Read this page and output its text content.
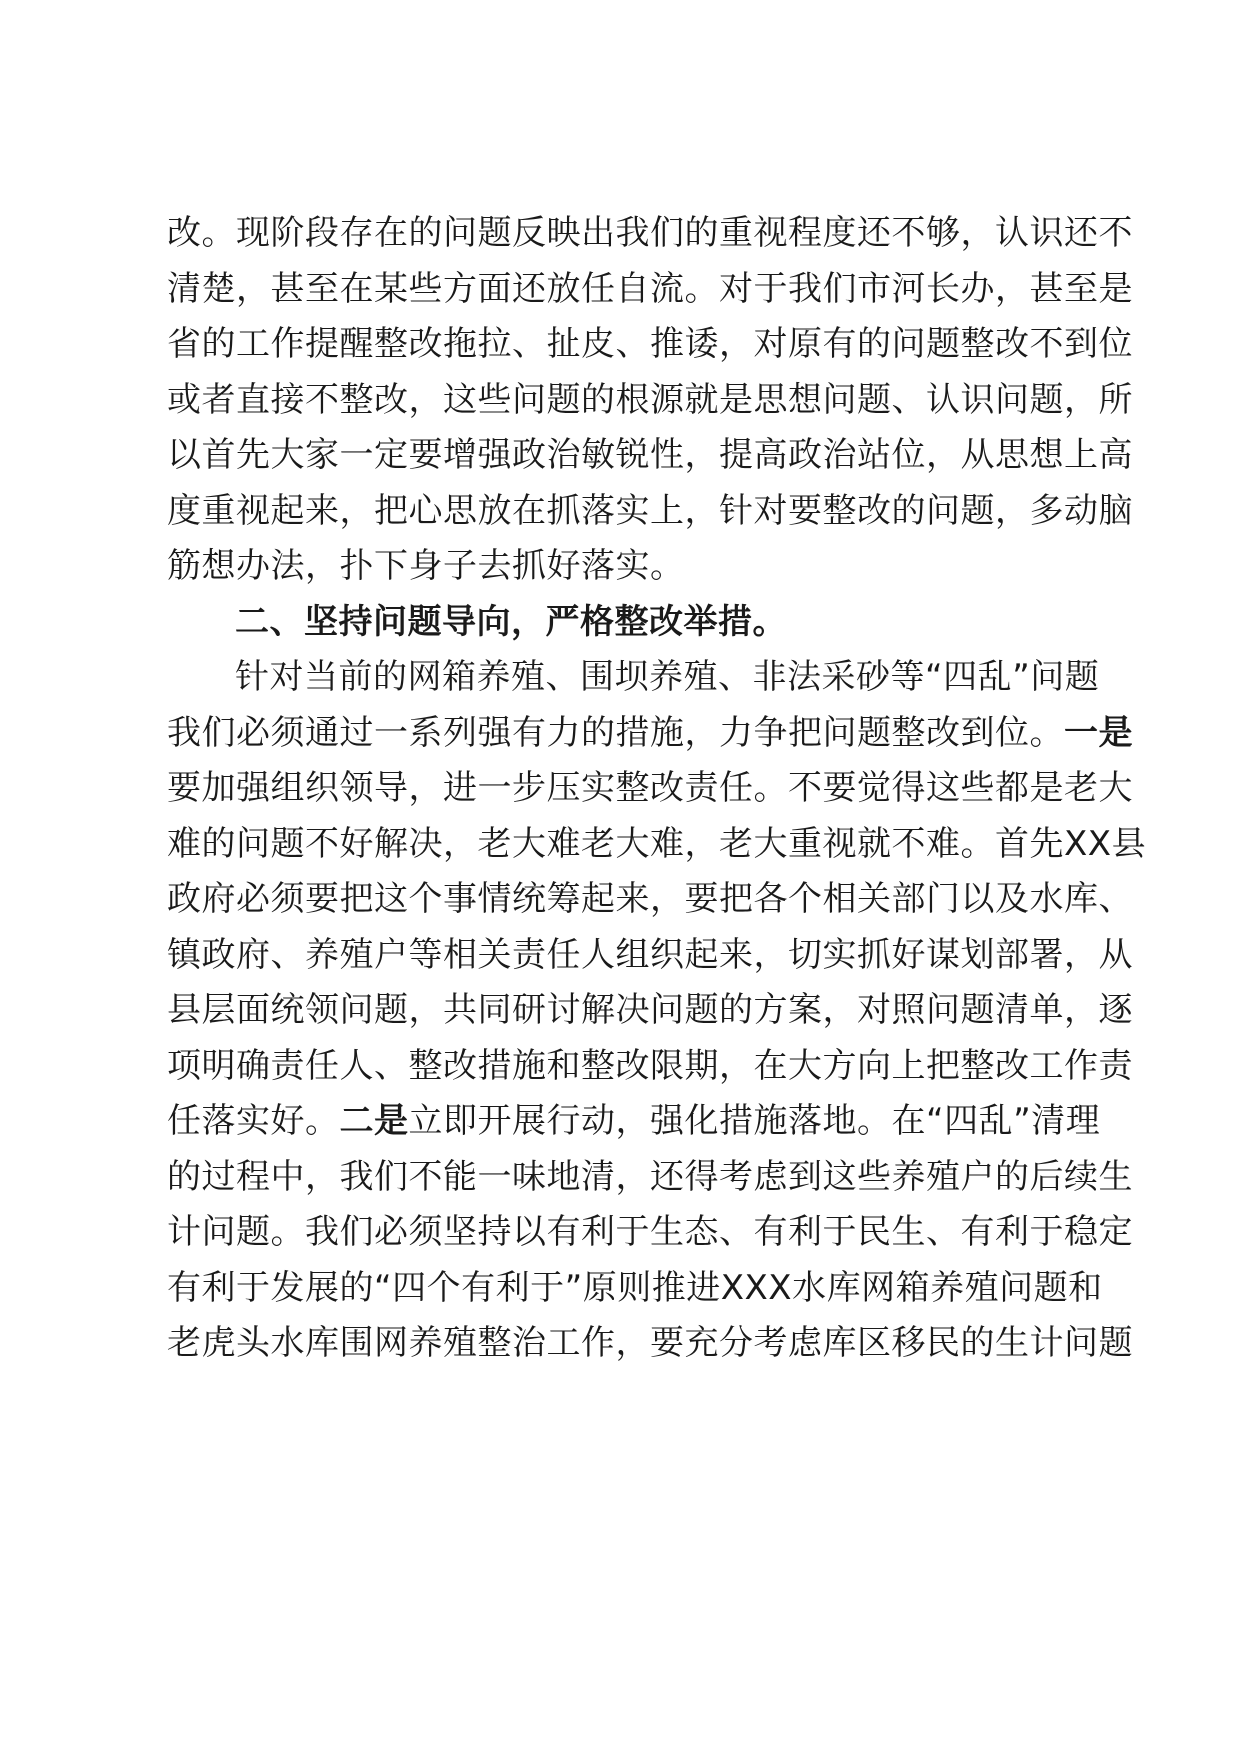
改。现阶段存在的问题反映出我们的重视程度还不够，认识还不
清楚，甚至在某些方面还放任自流。对于我们市河长办，甚至是
省的工作提醒整改拖拉、扯皮、推诿，对原有的问题整改不到位
或者直接不整改，这些问题的根源就是思想问题、认识问题，所
以首先大家一定要增强政治敏锐性，提高政治站位，从思想上高
度重视起来，把心思放在抓落实上，针对要整改的问题，多动脑
筋想办法，扑下身子去抓好落实。
二、坚持问题导向，严格整改举措。
针对当前的网箱养殖、围坝养殖、非法采砂等“四乱”问题
我们必须通过一系列强有力的措施，力争把问题整改到位。一是
要加强组织领导，进一步压实整改责任。不要觉得这些都是老大
难的问题不好解决，老大难老大难，老大重视就不难。首先XX县
政府必须要把这个事情统筹起来，要把各个相关部门以及水库、
镇政府、养殖户等相关责任人组织起来，切实抓好谋划部署，从
县层面统领问题，共同研讨解决问题的方案，对照问题清单，逐
项明确责任人、整改措施和整改限期，在大方向上把整改工作责
任落实好。二是立即开展行动，强化措施落地。在“四乱”清理
的过程中，我们不能一味地清，还得考虑到这些养殖户的后续生
计问题。我们必须坚持以有利于生态、有利于民生、有利于稳定
有利于发展的“四个有利于”原则推进XXX水库网箱养殖问题和
老虎头水库围网养殖整治工作，要充分考虑库区移民的生计问题
